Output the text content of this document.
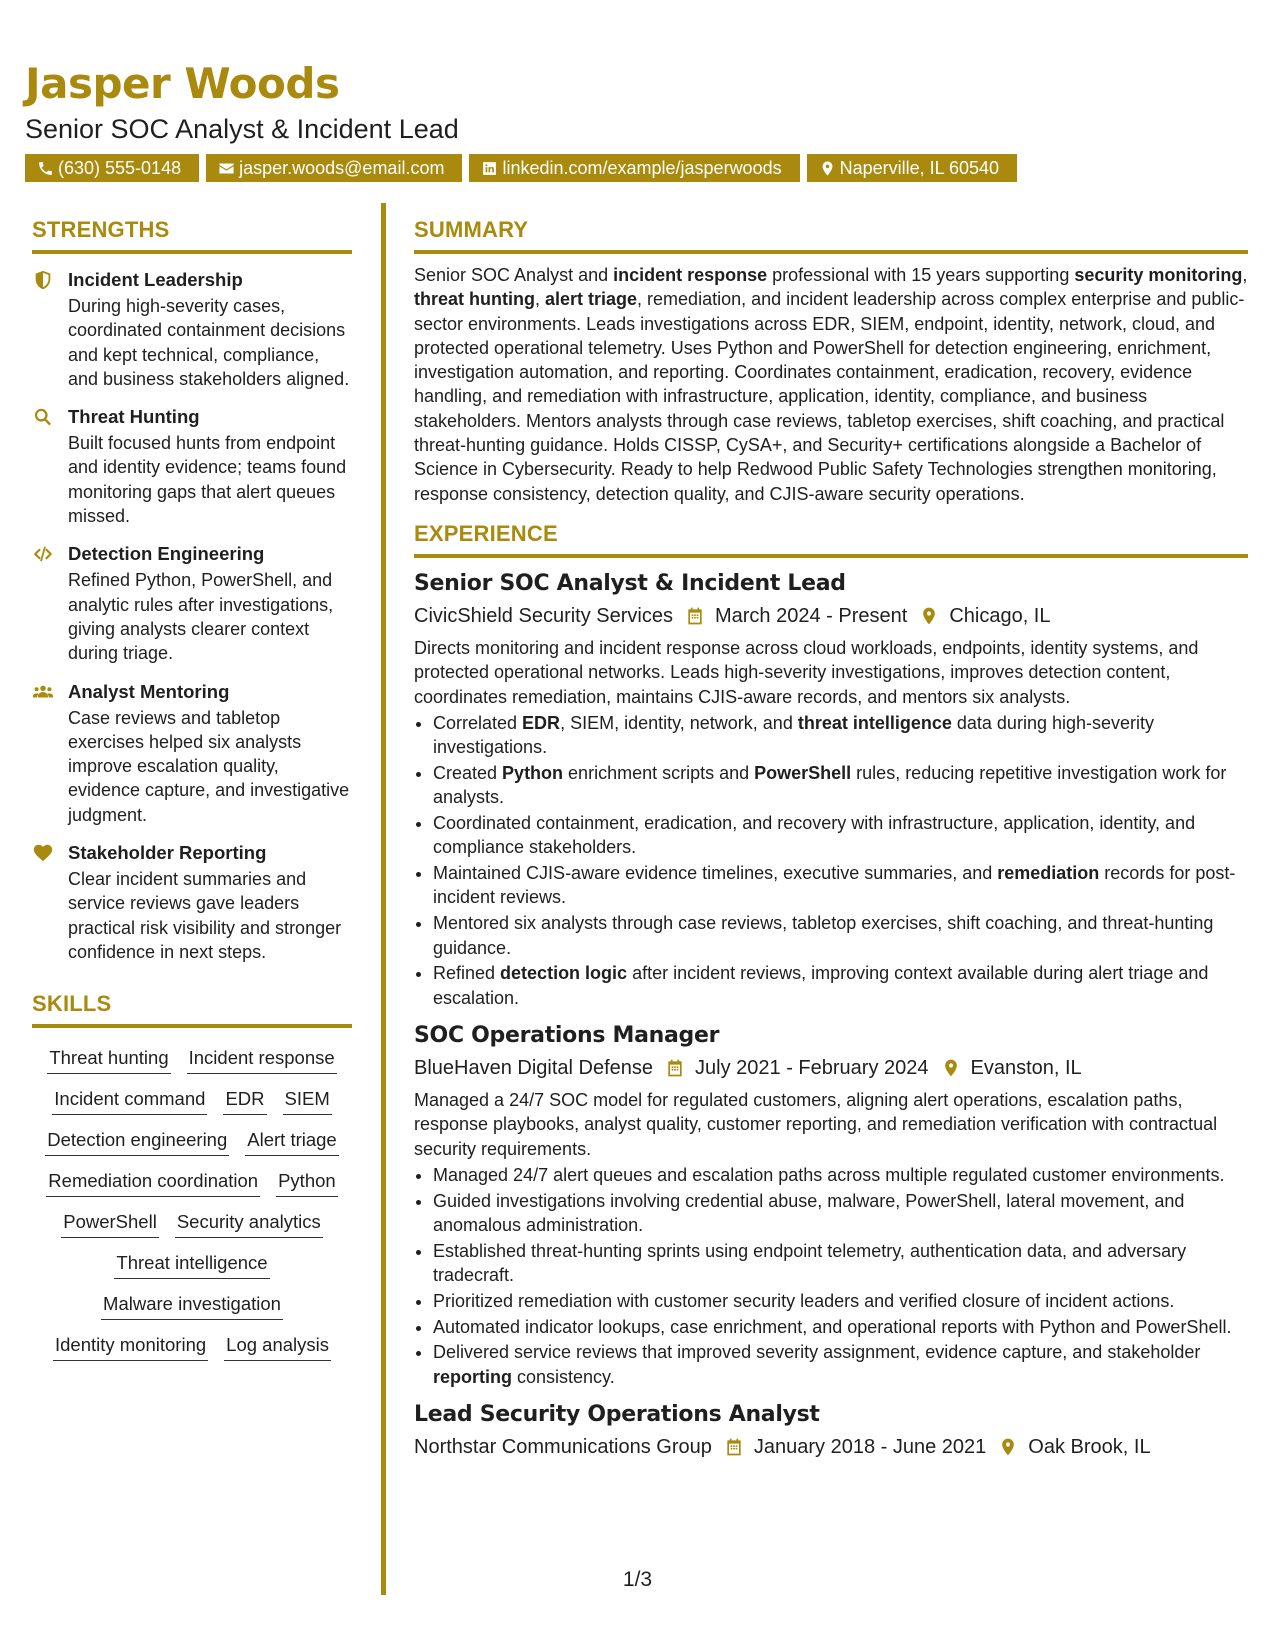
Jasper Woods
Senior SOC Analyst & Incident Lead
(630) 555-0148	jasper.woods@email.com	linkedin.com/example/jasperwoods	Naperville, IL 60540
STRENGTHS
Incident Leadership
During high-severity cases, coordinated containment decisions and kept technical, compliance, and business stakeholders aligned.
Threat Hunting
Built focused hunts from endpoint and identity evidence; teams found monitoring gaps that alert queues missed.
Detection Engineering
Refined Python, PowerShell, and analytic rules after investigations, giving analysts clearer context during triage.
Analyst Mentoring
Case reviews and tabletop exercises helped six analysts improve escalation quality, evidence capture, and investigative judgment.
Stakeholder Reporting
Clear incident summaries and service reviews gave leaders practical risk visibility and stronger confidence in next steps.
SKILLS
Threat hunting Incident response
Incident command EDR SIEM
Detection engineering Alert triage
Remediation coordination Python
PowerShell Security analytics
Threat intelligence
Malware investigation
Identity monitoring Log analysis
SUMMARY
Senior SOC Analyst and incident response professional with 15 years supporting security monitoring, threat hunting, alert triage, remediation, and incident leadership across complex enterprise and public-sector environments. Leads investigations across EDR, SIEM, endpoint, identity, network, cloud, and protected operational telemetry. Uses Python and PowerShell for detection engineering, enrichment, investigation automation, and reporting. Coordinates containment, eradication, recovery, evidence handling, and remediation with infrastructure, application, identity, compliance, and business stakeholders. Mentors analysts through case reviews, tabletop exercises, shift coaching, and practical threat-hunting guidance. Holds CISSP, CySA+, and Security+ certifications alongside a Bachelor of Science in Cybersecurity. Ready to help Redwood Public Safety Technologies strengthen monitoring, response consistency, detection quality, and CJIS-aware security operations.
EXPERIENCE
Senior SOC Analyst & Incident Lead
CivicShield Security Services March 2024 - Present Chicago, IL
Directs monitoring and incident response across cloud workloads, endpoints, identity systems, and protected operational networks. Leads high-severity investigations, improves detection content, coordinates remediation, maintains CJIS-aware records, and mentors six analysts.
• Correlated EDR, SIEM, identity, network, and threat intelligence data during high-severity investigations.
• Created Python enrichment scripts and PowerShell rules, reducing repetitive investigation work for analysts.
• Coordinated containment, eradication, and recovery with infrastructure, application, identity, and compliance stakeholders.
• Maintained CJIS-aware evidence timelines, executive summaries, and remediation records for post-incident reviews.
• Mentored six analysts through case reviews, tabletop exercises, shift coaching, and threat-hunting guidance.
• Refined detection logic after incident reviews, improving context available during alert triage and escalation.
SOC Operations Manager
BlueHaven Digital Defense July 2021 - February 2024 Evanston, IL
Managed a 24/7 SOC model for regulated customers, aligning alert operations, escalation paths, response playbooks, analyst quality, customer reporting, and remediation verification with contractual security requirements.
• Managed 24/7 alert queues and escalation paths across multiple regulated customer environments.
• Guided investigations involving credential abuse, malware, PowerShell, lateral movement, and anomalous administration.
• Established threat-hunting sprints using endpoint telemetry, authentication data, and adversary tradecraft.
• Prioritized remediation with customer security leaders and verified closure of incident actions.
• Automated indicator lookups, case enrichment, and operational reports with Python and PowerShell.
• Delivered service reviews that improved severity assignment, evidence capture, and stakeholder reporting consistency.
Lead Security Operations Analyst
Northstar Communications Group January 2018 - June 2021 Oak Brook, IL
1/3
